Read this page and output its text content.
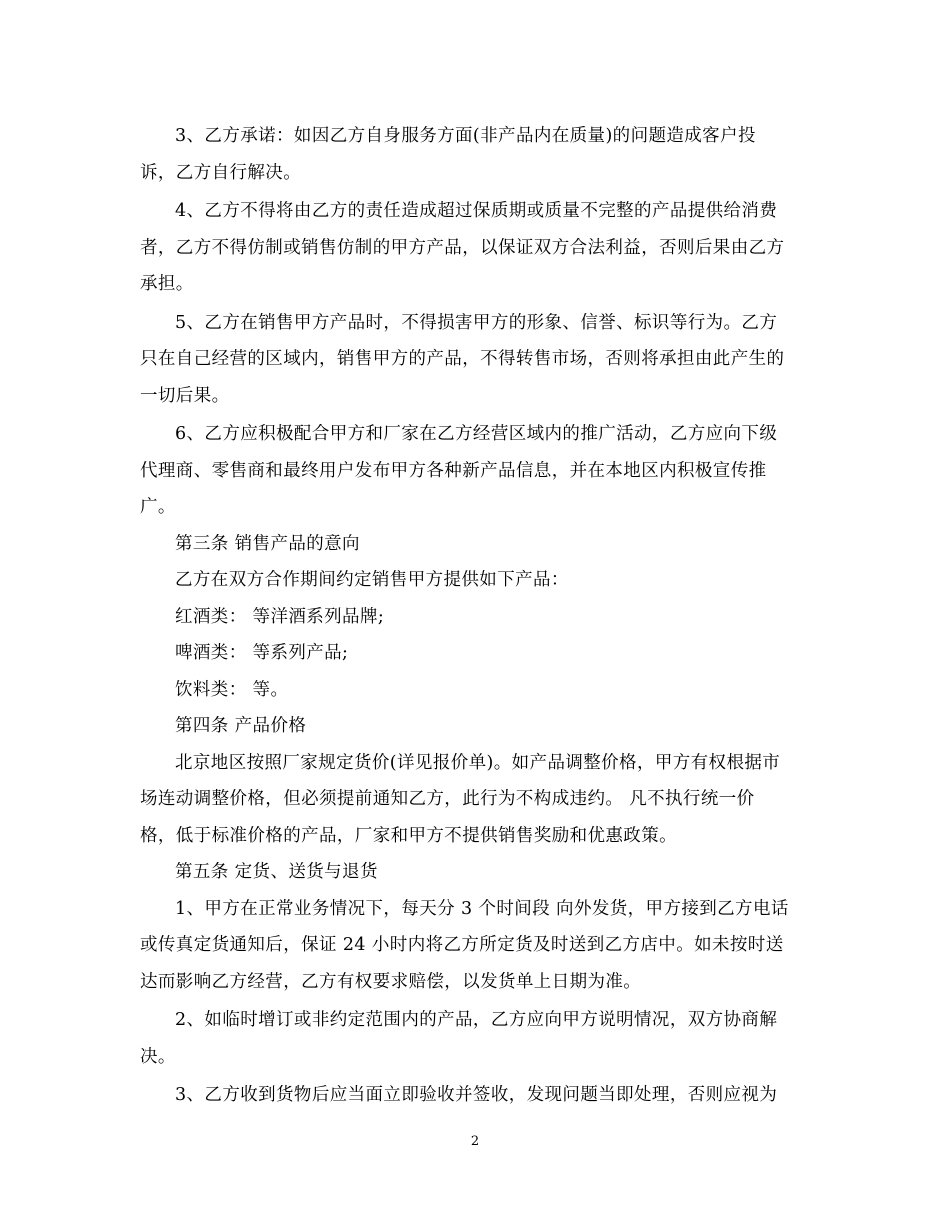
3、乙方承诺：如因乙方自身服务方面(非产品内在质量)的问题造成客户投
诉，乙方自行解决。

4、乙方不得将由乙方的责任造成超过保质期或质量不完整的产品提供给消费
者，乙方不得仿制或销售仿制的甲方产品，以保证双方合法利益，否则后果由乙方
承担。

5、乙方在销售甲方产品时，不得损害甲方的形象、信誉、标识等行为。乙方
只在自己经营的区域内，销售甲方的产品，不得转售市场，否则将承担由此产生的
一切后果。

6、乙方应积极配合甲方和厂家在乙方经营区域内的推广活动，乙方应向下级
代理商、零售商和最终用户发布甲方各种新产品信息，并在本地区内积极宣传推
广。

第三条 销售产品的意向

乙方在双方合作期间约定销售甲方提供如下产品：

红酒类： 等洋酒系列品牌;

啤酒类： 等系列产品;

饮料类： 等。

第四条 产品价格

北京地区按照厂家规定货价(详见报价单)。如产品调整价格，甲方有权根据市
场连动调整价格，但必须提前通知乙方，此行为不构成违约。 凡不执行统一价
格，低于标准价格的产品，厂家和甲方不提供销售奖励和优惠政策。

第五条 定货、送货与退货

1、甲方在正常业务情况下，每天分 3 个时间段 向外发货，甲方接到乙方电话
或传真定货通知后，保证 24 小时内将乙方所定货及时送到乙方店中。如未按时送
达而影响乙方经营，乙方有权要求赔偿，以发货单上日期为准。

2、如临时增订或非约定范围内的产品，乙方应向甲方说明情况，双方协商解
决。

3、乙方收到货物后应当面立即验收并签收，发现问题当即处理，否则应视为

2
